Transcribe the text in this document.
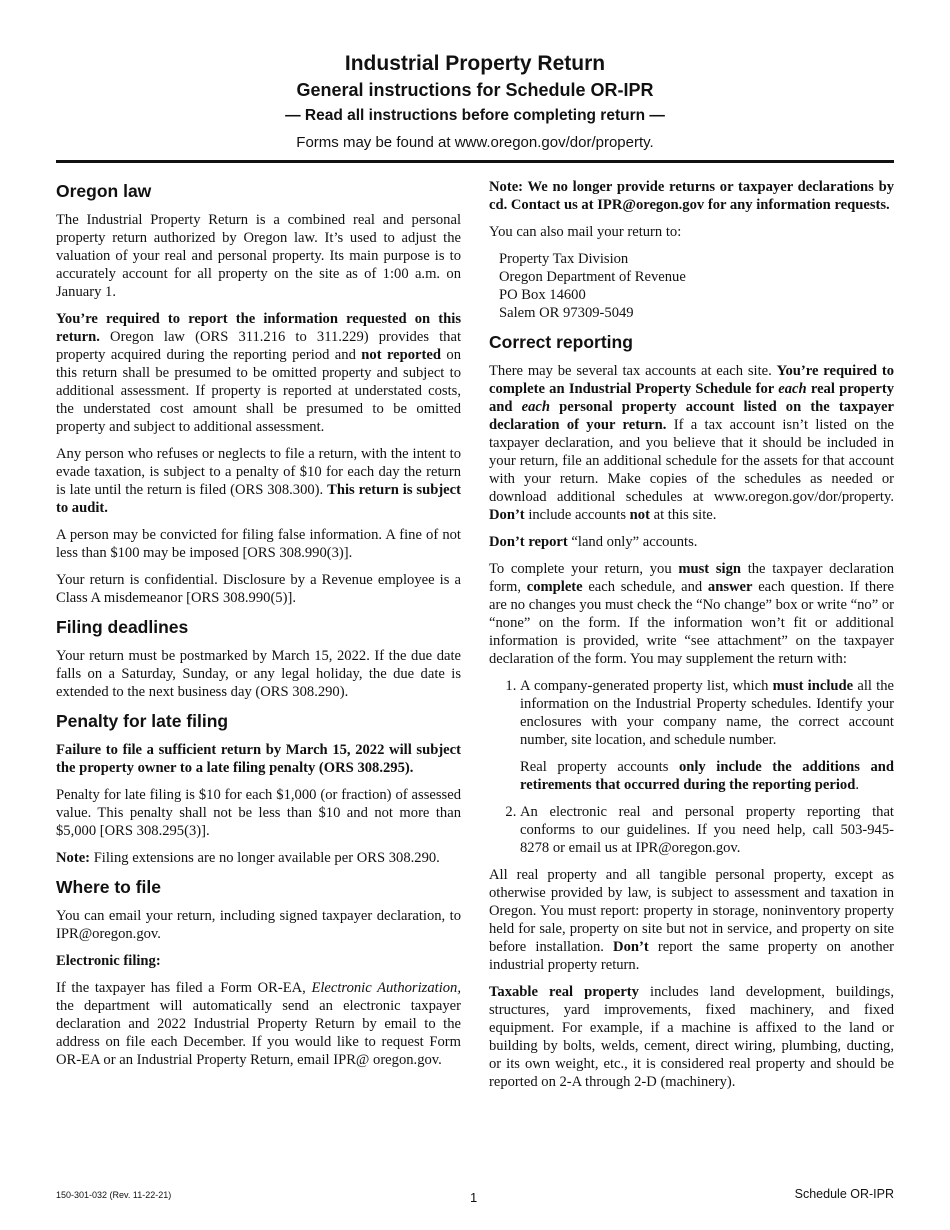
Industrial Property Return
General instructions for Schedule OR-IPR
— Read all instructions before completing return —
Forms may be found at www.oregon.gov/dor/property.
Oregon law

The Industrial Property Return is a combined real and personal property return authorized by Oregon law. It’s used to adjust the valuation of your real and personal property. Its main purpose is to accurately account for all property on the site as of 1:00 a.m. on January 1.

You’re required to report the information requested on this return. Oregon law (ORS 311.216 to 311.229) provides that property acquired during the reporting period and not reported on this return shall be presumed to be omitted property and subject to additional assessment. If property is reported at understated costs, the understated cost amount shall be presumed to be omitted property and subject to additional assessment.

Any person who refuses or neglects to file a return, with the intent to evade taxation, is subject to a penalty of $10 for each day the return is late until the return is filed (ORS 308.300). This return is subject to audit.

A person may be convicted for filing false information. A fine of not less than $100 may be imposed [ORS 308.990(3)].

Your return is confidential. Disclosure by a Revenue employee is a Class A misdemeanor [ORS 308.990(5)].

Filing deadlines

Your return must be postmarked by March 15, 2022. If the due date falls on a Saturday, Sunday, or any legal holiday, the due date is extended to the next business day (ORS 308.290).

Penalty for late filing

Failure to file a sufficient return by March 15, 2022 will subject the property owner to a late filing penalty (ORS 308.295).

Penalty for late filing is $10 for each $1,000 (or fraction) of assessed value. This penalty shall not be less than $10 and not more than $5,000 [ORS 308.295(3)].

Note: Filing extensions are no longer available per ORS 308.290.

Where to file

You can email your return, including signed taxpayer declaration, to IPR@oregon.gov.

Electronic filing:

If the taxpayer has filed a Form OR-EA, Electronic Authorization, the department will automatically send an electronic taxpayer declaration and 2022 Industrial Property Return by email to the address on file each December. If you would like to request Form OR-EA or an Industrial Property Return, email IPR@ oregon.gov.

Note: We no longer provide returns or taxpayer declarations by cd. Contact us at IPR@oregon.gov for any information requests.

You can also mail your return to:

Property Tax Division
Oregon Department of Revenue
PO Box 14600
Salem OR 97309-5049
Correct reporting

There may be several tax accounts at each site. You’re required to complete an Industrial Property Schedule for each real property and each personal property account listed on the taxpayer declaration of your return. If a tax account isn’t listed on the taxpayer declaration, and you believe that it should be included in your return, file an additional schedule for the assets for that account with your return. Make copies of the schedules as needed or download additional schedules at www.oregon.gov/dor/property. Don’t include accounts not at this site.

Don’t report “land only” accounts.

To complete your return, you must sign the taxpayer declaration form, complete each schedule, and answer each question. If there are no changes you must check the “No change” box or write “no” or “none” on the form. If the information won’t fit or additional information is provided, write “see attachment” on the taxpayer declaration of the form. You may supplement the return with:

1. A company-generated property list, which must include all the information on the Industrial Property schedules. Identify your enclosures with your company name, the correct account number, site location, and schedule number.

Real property accounts only include the additions and retirements that occurred during the reporting period.

2. An electronic real and personal property reporting that conforms to our guidelines. If you need help, call 503-945-8278 or email us at IPR@oregon.gov.

All real property and all tangible personal property, except as otherwise provided by law, is subject to assessment and taxation in Oregon. You must report: property in storage, noninventory property held for sale, property on site but not in service, and property on site before installation. Don’t report the same property on another industrial property return.

Taxable real property includes land development, buildings, structures, yard improvements, fixed machinery, and fixed equipment. For example, if a machine is affixed to the land or building by bolts, welds, cement, direct wiring, plumbing, ducting, or its own weight, etc., it is considered real property and should be reported on 2-A through 2-D (machinery).

150-301-032 (Rev. 11-22-21)	1	Schedule OR-IPR
